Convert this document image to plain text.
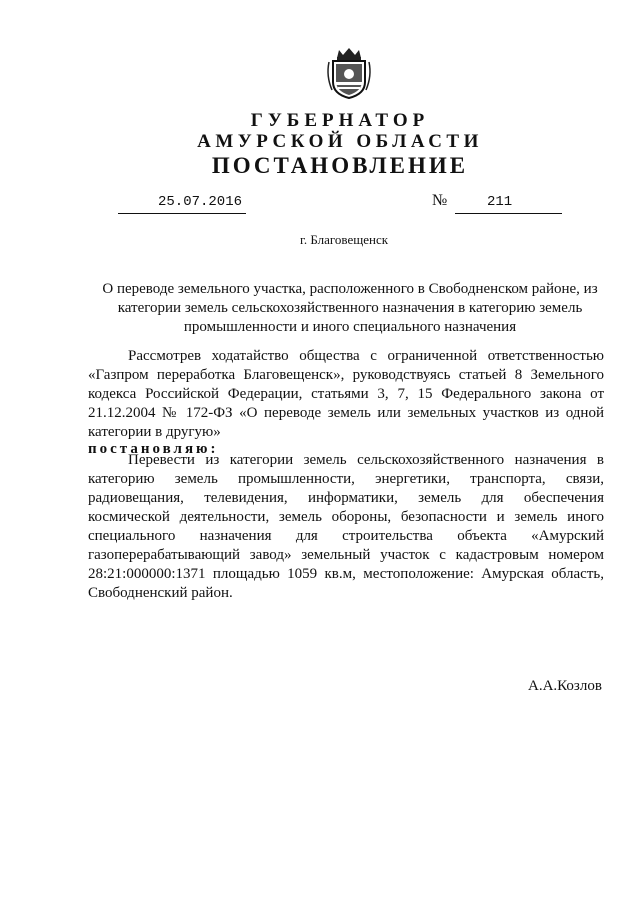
ГУБЕРНАТОР
АМУРСКОЙ ОБЛАСТИ
ПОСТАНОВЛЕНИЕ
25.07.2016	№	211
г. Благовещенск
О переводе земельного участка, расположенного в Свободненском районе, из категории земель сельскохозяйственного назначения в категорию земель промышленности и иного специального назначения

Рассмотрев ходатайство общества с ограниченной ответственностью «Газпром переработка Благовещенск», руководствуясь статьей 8 Земельного кодекса Российской Федерации, статьями 3, 7, 15 Федерального закона от 21.12.2004 № 172-ФЗ «О переводе земель или земельных участков из одной категории в другую»

постановляю:

Перевести из категории земель сельскохозяйственного назначения в категорию земель промышленности, энергетики, транспорта, связи, радиовещания, телевидения, информатики, земель для обеспечения космической деятельности, земель обороны, безопасности и земель иного специального назначения для строительства объекта «Амурский газоперерабатывающий завод» земельный участок с кадастровым номером 28:21:000000:1371 площадью 1059 кв.м, местоположение: Амурская область, Свободненский район.

А.А.Козлов
